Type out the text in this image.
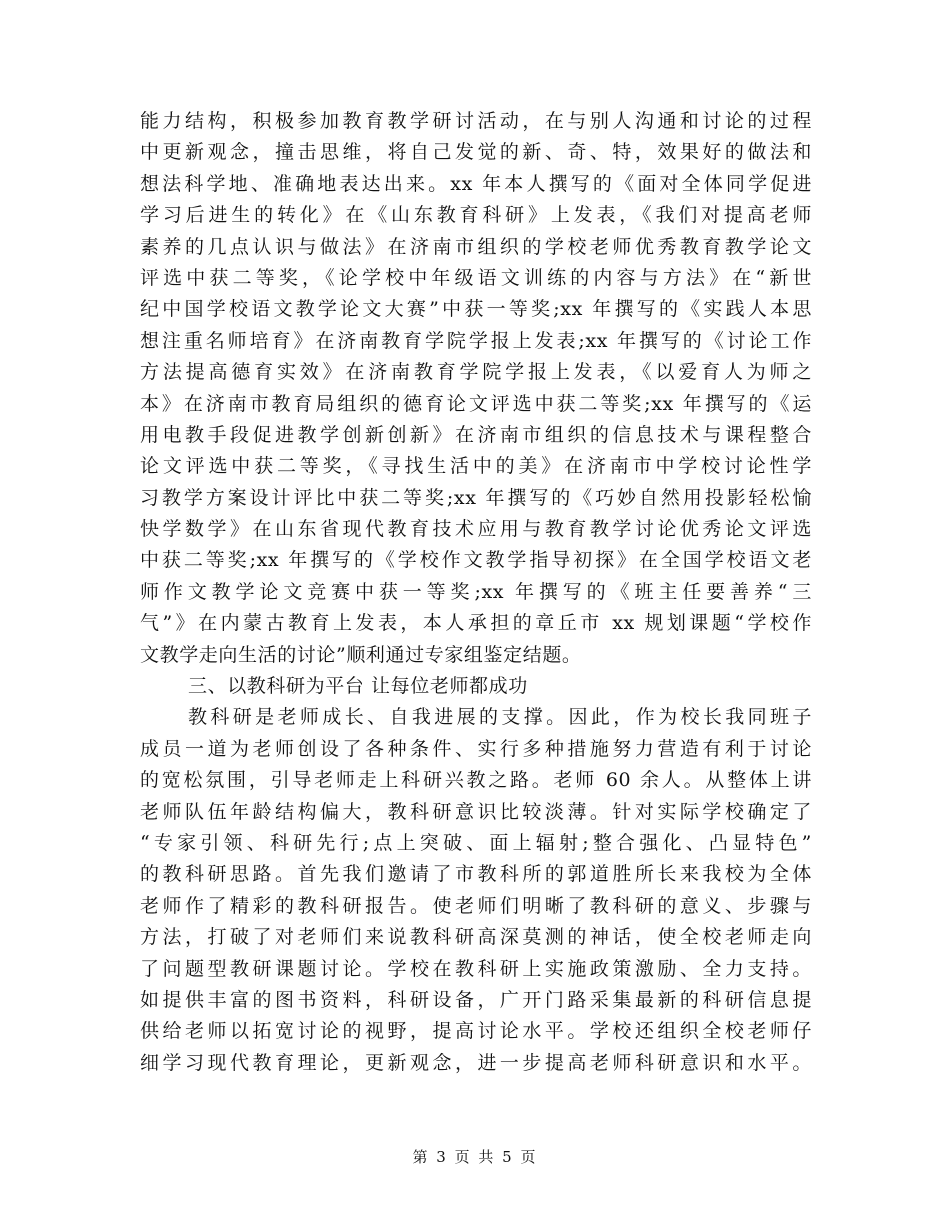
能力结构，积极参加教育教学研讨活动，在与别人沟通和讨论的过程
中更新观念，撞击思维，将自己发觉的新、奇、特，效果好的做法和
想法科学地、准确地表达出来。xx 年本人撰写的《面对全体同学促进
学习后进生的转化》在《山东教育科研》上发表，《我们对提高老师
素养的几点认识与做法》在济南市组织的学校老师优秀教育教学论文
评选中获二等奖，《论学校中年级语文训练的内容与方法》在“新世
纪中国学校语文教学论文大赛”中获一等奖;xx 年撰写的《实践人本思
想注重名师培育》在济南教育学院学报上发表;xx 年撰写的《讨论工作
方法提高德育实效》在济南教育学院学报上发表，《以爱育人为师之
本》在济南市教育局组织的德育论文评选中获二等奖;xx 年撰写的《运
用电教手段促进教学创新创新》在济南市组织的信息技术与课程整合
论文评选中获二等奖，《寻找生活中的美》在济南市中学校讨论性学
习教学方案设计评比中获二等奖;xx 年撰写的《巧妙自然用投影轻松愉
快学数学》在山东省现代教育技术应用与教育教学讨论优秀论文评选
中获二等奖;xx 年撰写的《学校作文教学指导初探》在全国学校语文老
师作文教学论文竞赛中获一等奖;xx 年撰写的《班主任要善养“三
气”》在内蒙古教育上发表，本人承担的章丘市 xx 规划课题“学校作
文教学走向生活的讨论”顺利通过专家组鉴定结题。
三、以教科研为平台 让每位老师都成功
教科研是老师成长、自我进展的支撑。因此，作为校长我同班子
成员一道为老师创设了各种条件、实行多种措施努力营造有利于讨论
的宽松氛围，引导老师走上科研兴教之路。老师 60 余人。从整体上讲
老师队伍年龄结构偏大，教科研意识比较淡薄。针对实际学校确定了
“专家引领、科研先行;点上突破、面上辐射;整合强化、凸显特色”
的教科研思路。首先我们邀请了市教科所的郭道胜所长来我校为全体
老师作了精彩的教科研报告。使老师们明晰了教科研的意义、步骤与
方法，打破了对老师们来说教科研高深莫测的神话，使全校老师走向
了问题型教研课题讨论。学校在教科研上实施政策激励、全力支持。
如提供丰富的图书资料，科研设备，广开门路采集最新的科研信息提
供给老师以拓宽讨论的视野，提高讨论水平。学校还组织全校老师仔
细学习现代教育理论，更新观念，进一步提高老师科研意识和水平。
第 3 页 共 5 页
